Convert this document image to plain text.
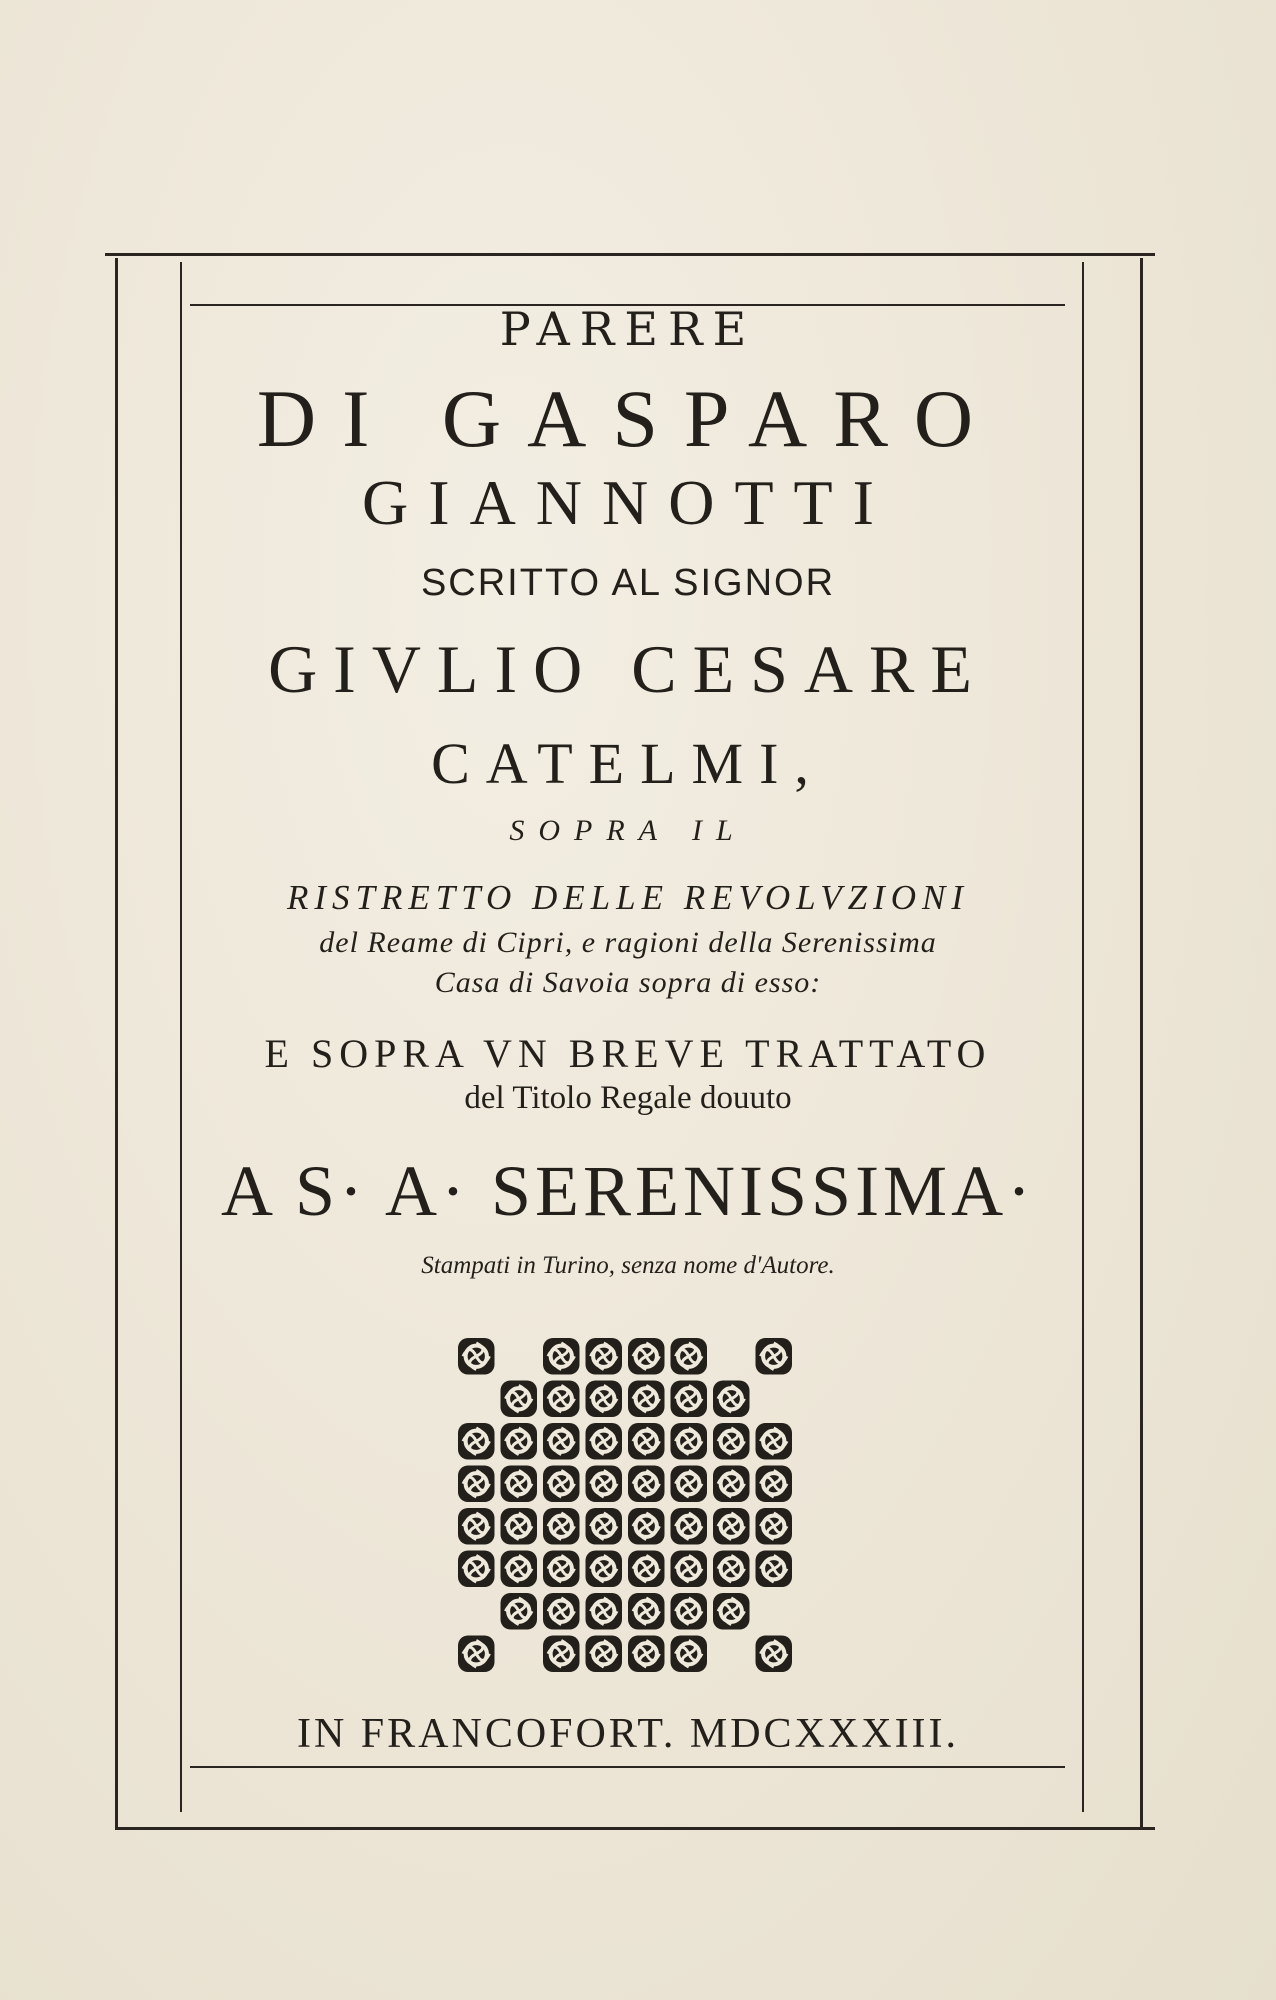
PARERE
DI GASPARO
GIANNOTTI
SCRITTO AL SIGNOR
GIVLIO CESARE
CATELMI,
SOPRA IL
RISTRETTO DELLE REVOLVZIONI
del Reame di Cipri, e ragioni della Serenissima
Casa di Savoia sopra di esso:
E SOPRA VN BREVE TRATTATO
del Titolo Regale douuto
A S· A· SERENISSIMA·
Stampati in Turino, senza nome d'Autore.
IN FRANCOFORT. MDCXXXIII.
